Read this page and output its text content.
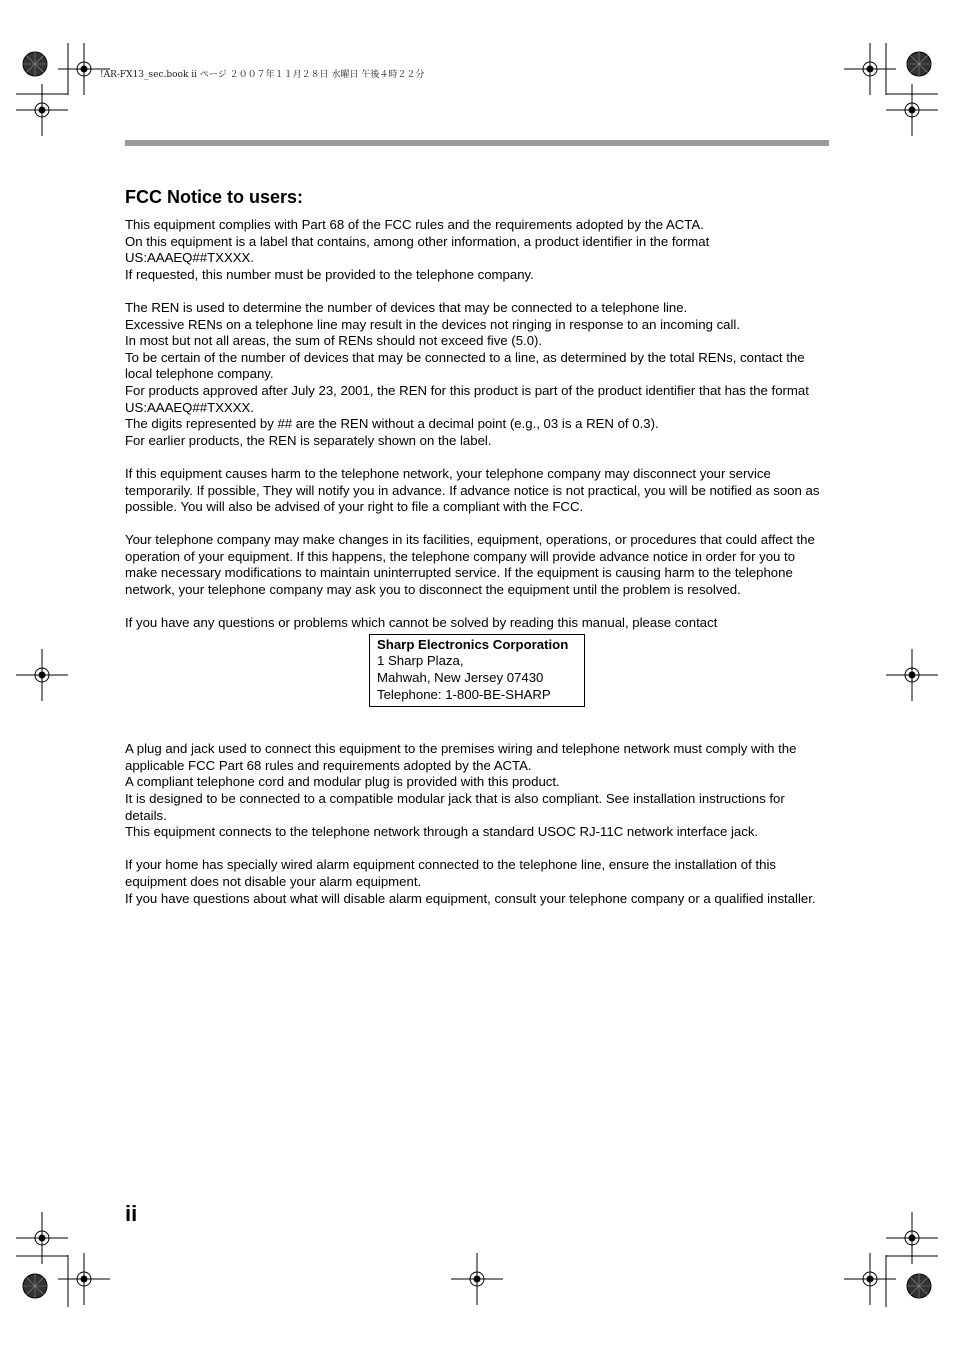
!AR-FX13_sec.book ii ページ ２００７年１１月２８日 水曜日 午後４時２２分
FCC Notice to users:
This equipment complies with Part 68 of the FCC rules and the requirements adopted by the ACTA.
On this equipment is a label that contains, among other information, a product identifier in the format US:AAAEQ##TXXXX.
If requested, this number must be provided to the telephone company.
The REN is used to determine the number of devices that may be connected to a telephone line.
Excessive RENs on a telephone line may result in the devices not ringing in response to an incoming call.
In most but not all areas, the sum of RENs should not exceed five (5.0).
To be certain of the number of devices that may be connected to a line, as determined by the total RENs, contact the local telephone company.
For products approved after July 23, 2001, the REN for this product is part of the product identifier that has the format US:AAAEQ##TXXXX.
The digits represented by ## are the REN without a decimal point (e.g., 03 is a REN of 0.3).
For earlier products, the REN is separately shown on the label.
If this equipment causes harm to the telephone network, your telephone company may disconnect your service temporarily. If possible, They will notify you in advance. If advance notice is not practical, you will be notified as soon as possible. You will also be advised of your right to file a compliant with the FCC.
Your telephone company may make changes in its facilities, equipment, operations, or procedures that could affect the operation of your equipment. If this happens, the telephone company will provide advance notice in order for you to make necessary modifications to maintain uninterrupted service. If the equipment is causing harm to the telephone network, your telephone company may ask you to disconnect the equipment until the problem is resolved.
If you have any questions or problems which cannot be solved by reading this manual, please contact
Sharp Electronics Corporation
1 Sharp Plaza,
Mahwah, New Jersey 07430
Telephone: 1-800-BE-SHARP
A plug and jack used to connect this equipment to the premises wiring and telephone network must comply with the applicable FCC Part 68 rules and requirements adopted by the ACTA.
A compliant telephone cord and modular plug is provided with this product.
It is designed to be connected to a compatible modular jack that is also compliant. See installation instructions for details.
This equipment connects to the telephone network through a standard USOC RJ-11C network interface jack.
If your home has specially wired alarm equipment connected to the telephone line, ensure the installation of this equipment does not disable your alarm equipment.
If you have questions about what will disable alarm equipment, consult your telephone company or a qualified installer.
ii
